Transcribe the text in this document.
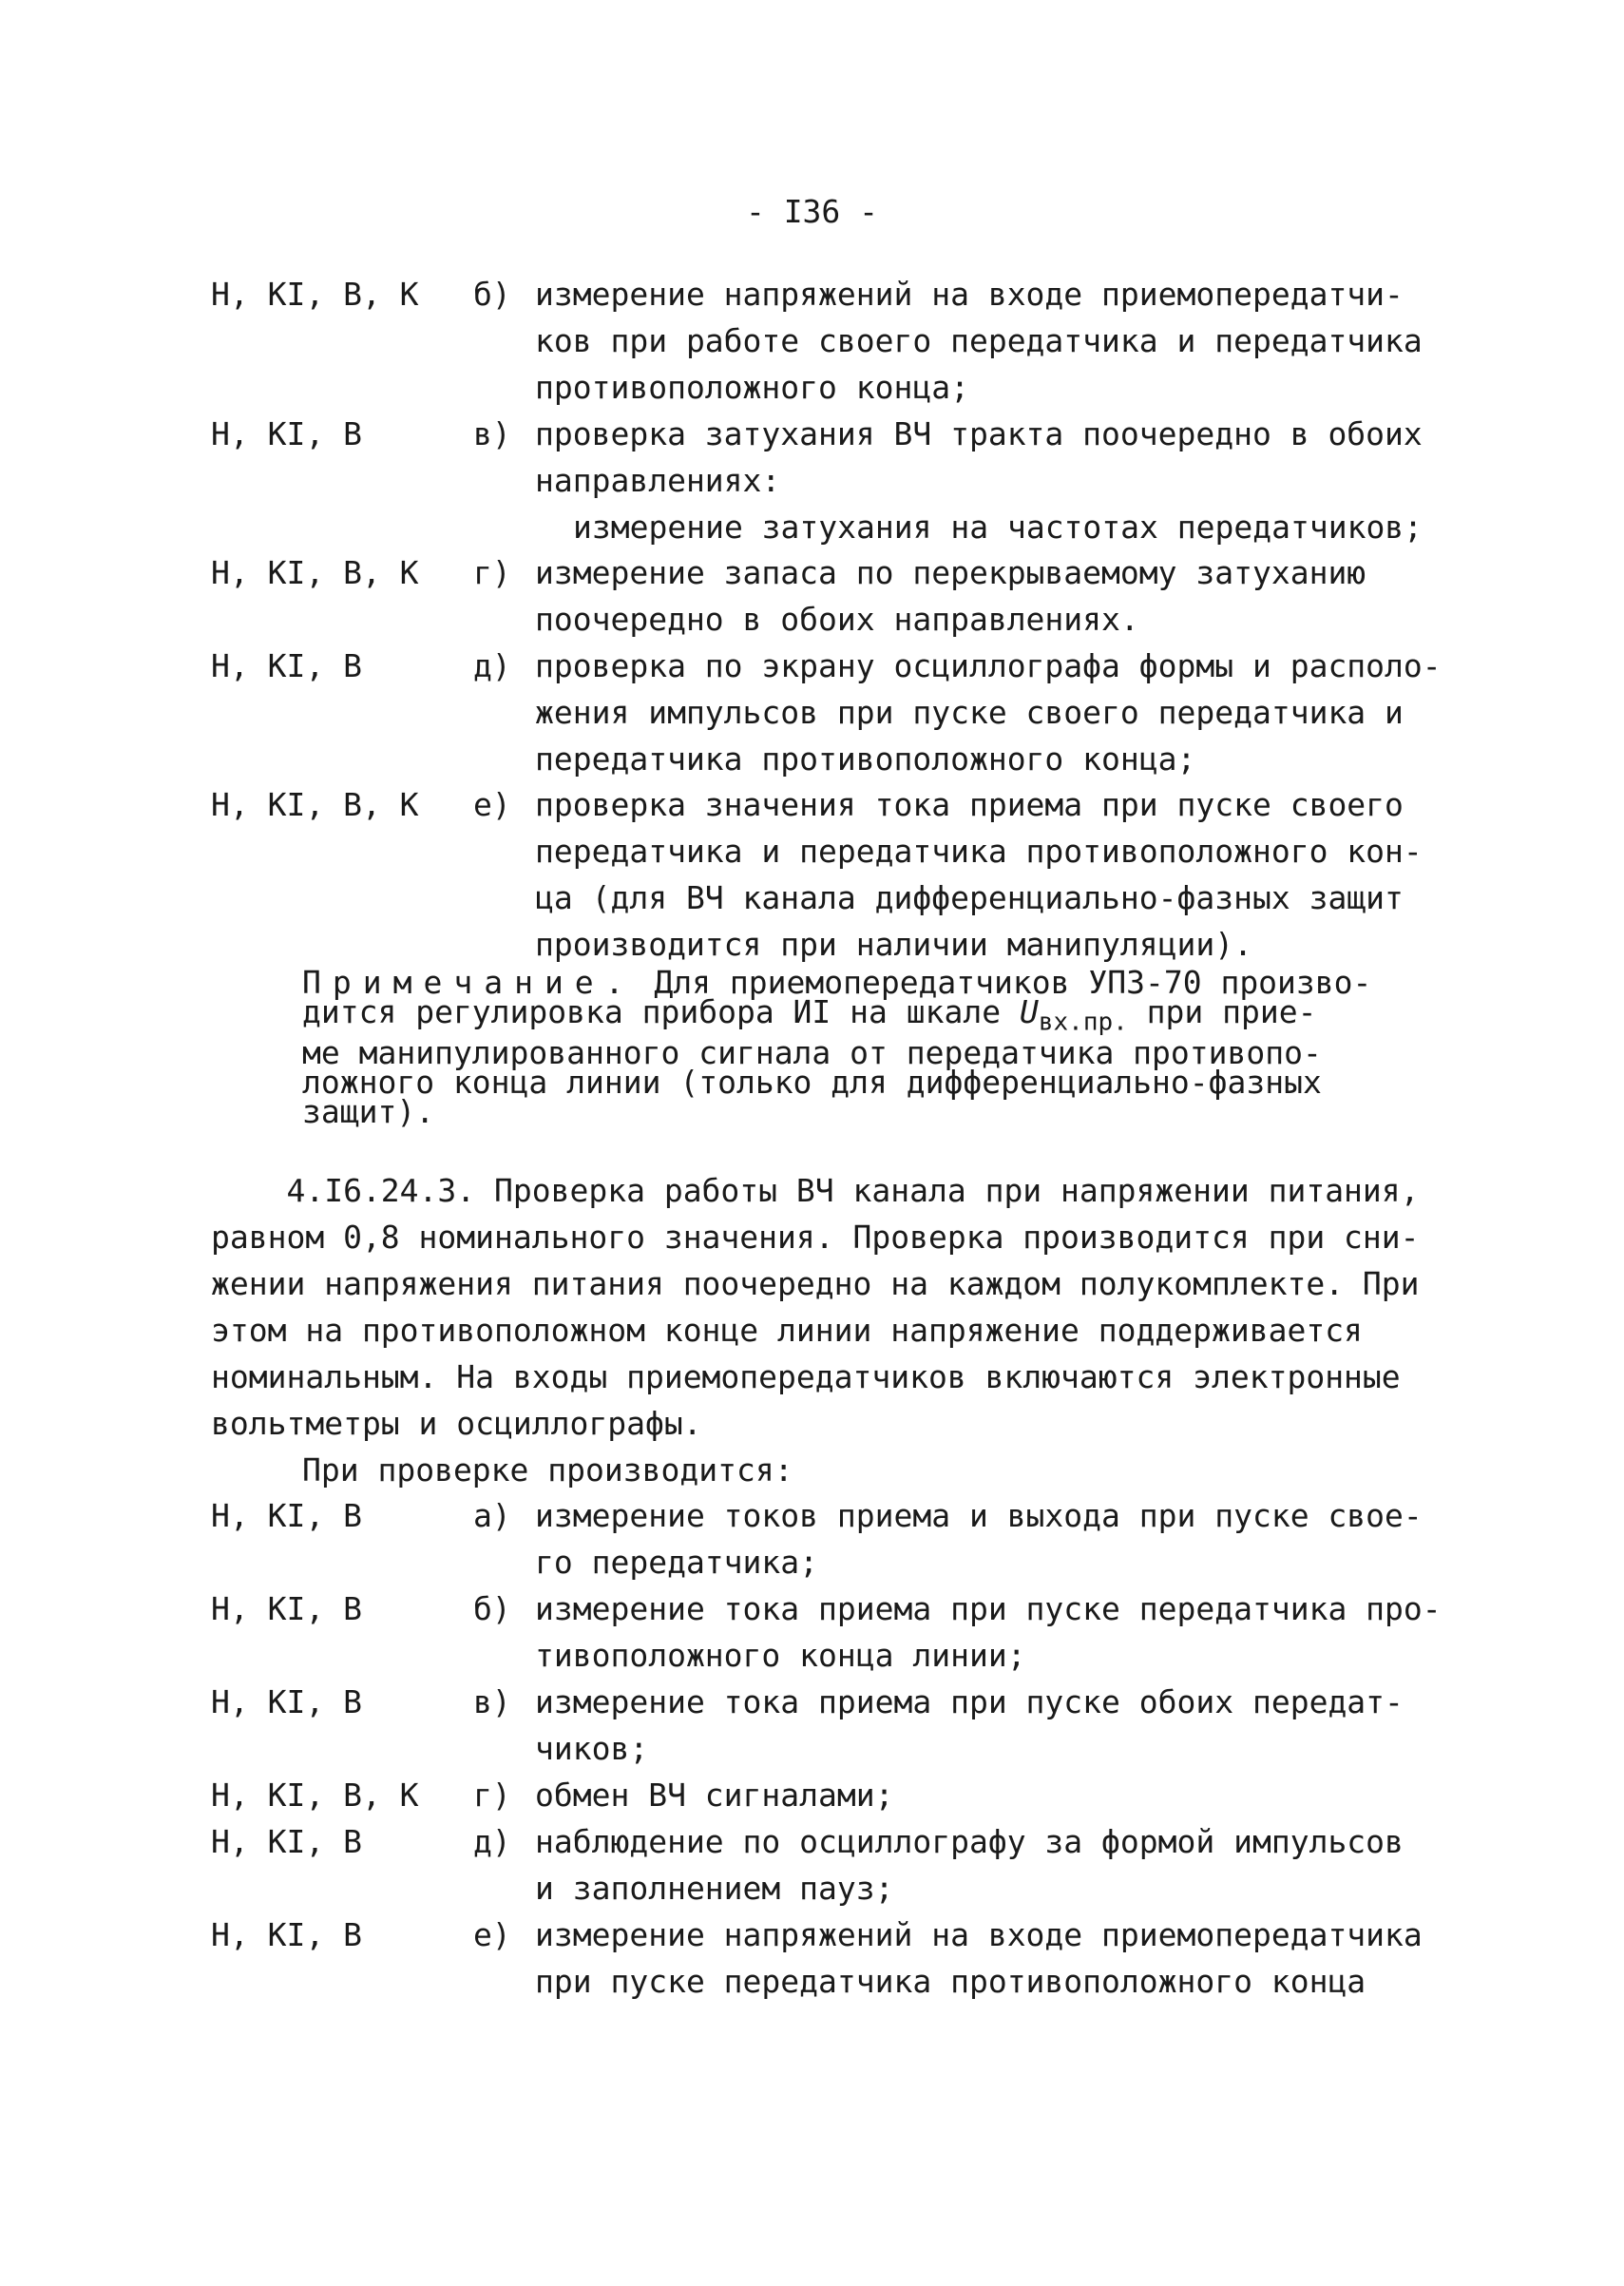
- I36 -
Н, КI, В, К б) измерение напряжений на входе приемопередатчи-
ков при работе своего передатчика и передатчика
противоположного конца;
Н, КI, В	в) проверка затухания ВЧ тракта поочередно в обоих
направлениях:
измерение затухания на частотах передатчиков;
Н, КI, В, К г) измерение запаса по перекрываемому затуханию
поочередно в обоих направлениях.
Н, КI, В	д) проверка по экрану осциллографа формы и располо-
жения импульсов при пуске своего передатчика и
передатчика противоположного конца;
Н, КI, В, К е) проверка значения тока приема при пуске своего
передатчика и передатчика противоположного кон-
ца (для ВЧ канала дифференциально-фазных защит
производится при наличии манипуляции).
Примечание. Для приемопередатчиков УПЗ-70 произво-
дится регулировка прибора ИI на шкале $U_{вх.пр.}$ при прие-
ме манипулированного сигнала от передатчика противопо-
ложного конца линии (только для дифференциально-фазных
защит).
4.I6.24.3. Проверка работы ВЧ канала при напряжении питания,
равном 0,8 номинального значения. Проверка производится при сни-
жении напряжения питания поочередно на каждом полукомплекте. При
этом на противоположном конце линии напряжение поддерживается
номинальным. На входы приемопередатчиков включаются электронные
вольтметры и осциллографы.
При проверке производится:
Н, КI, В	а) измерение токов приема и выхода при пуске свое-
го передатчика;
Н, КI, В	б) измерение тока приема при пуске передатчика про-
тивоположного конца линии;
Н, КI, В	в) измерение тока приема при пуске обоих передат-
чиков;
Н, КI, В, К г) обмен ВЧ сигналами;
Н, КI, В	д) наблюдение по осциллографу за формой импульсов
и заполнением пауз;
Н, КI, В	е) измерение напряжений на входе приемопередатчика
при пуске передатчика противоположного конца
